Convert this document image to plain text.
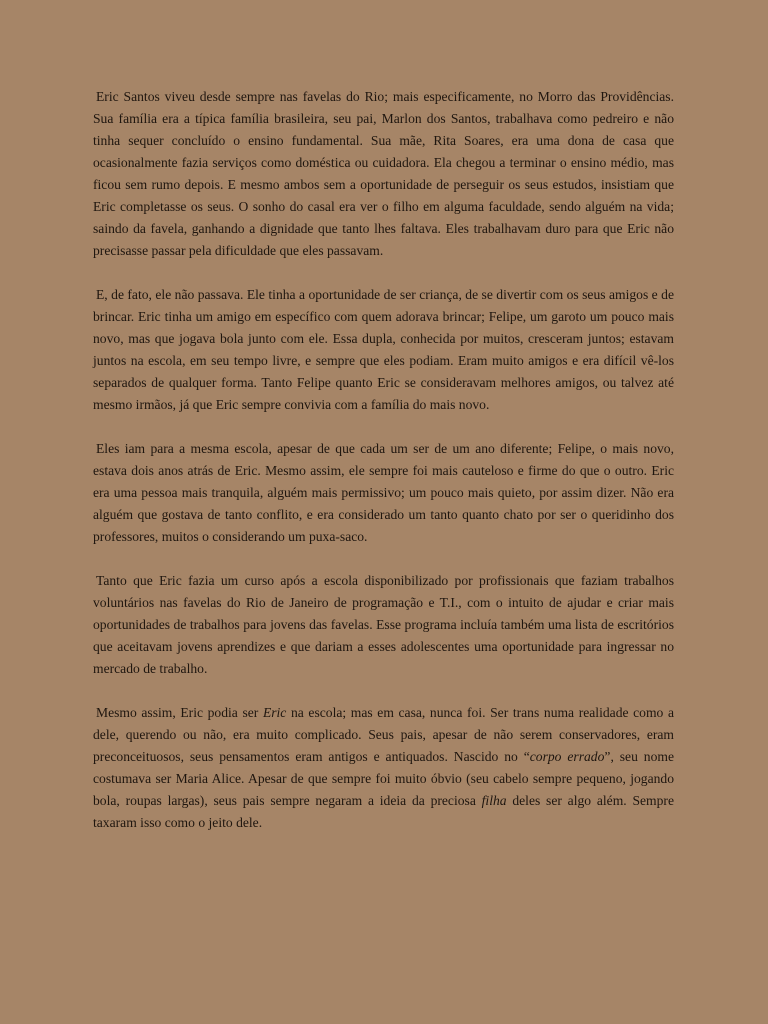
Eric Santos viveu desde sempre nas favelas do Rio; mais especificamente, no Morro das Providências. Sua família era a típica família brasileira, seu pai, Marlon dos Santos, trabalhava como pedreiro e não tinha sequer concluído o ensino fundamental. Sua mãe, Rita Soares, era uma dona de casa que ocasionalmente fazia serviços como doméstica ou cuidadora. Ela chegou a terminar o ensino médio, mas ficou sem rumo depois. E mesmo ambos sem a oportunidade de perseguir os seus estudos, insistiam que Eric completasse os seus. O sonho do casal era ver o filho em alguma faculdade, sendo alguém na vida; saindo da favela, ganhando a dignidade que tanto lhes faltava. Eles trabalhavam duro para que Eric não precisasse passar pela dificuldade que eles passavam.

E, de fato, ele não passava. Ele tinha a oportunidade de ser criança, de se divertir com os seus amigos e de brincar. Eric tinha um amigo em específico com quem adorava brincar; Felipe, um garoto um pouco mais novo, mas que jogava bola junto com ele. Essa dupla, conhecida por muitos, cresceram juntos; estavam juntos na escola, em seu tempo livre, e sempre que eles podiam. Eram muito amigos e era difícil vê-los separados de qualquer forma. Tanto Felipe quanto Eric se consideravam melhores amigos, ou talvez até mesmo irmãos, já que Eric sempre convivia com a família do mais novo.

Eles iam para a mesma escola, apesar de que cada um ser de um ano diferente; Felipe, o mais novo, estava dois anos atrás de Eric. Mesmo assim, ele sempre foi mais cauteloso e firme do que o outro. Eric era uma pessoa mais tranquila, alguém mais permissivo; um pouco mais quieto, por assim dizer. Não era alguém que gostava de tanto conflito, e era considerado um tanto quanto chato por ser o queridinho dos professores, muitos o considerando um puxa-saco.

Tanto que Eric fazia um curso após a escola disponibilizado por profissionais que faziam trabalhos voluntários nas favelas do Rio de Janeiro de programação e T.I., com o intuito de ajudar e criar mais oportunidades de trabalhos para jovens das favelas. Esse programa incluía também uma lista de escritórios que aceitavam jovens aprendizes e que dariam a esses adolescentes uma oportunidade para ingressar no mercado de trabalho.

Mesmo assim, Eric podia ser Eric na escola; mas em casa, nunca foi. Ser trans numa realidade como a dele, querendo ou não, era muito complicado. Seus pais, apesar de não serem conservadores, eram preconceituosos, seus pensamentos eram antigos e antiquados. Nascido no “corpo errado”, seu nome costumava ser Maria Alice. Apesar de que sempre foi muito óbvio (seu cabelo sempre pequeno, jogando bola, roupas largas), seus pais sempre negaram a ideia da preciosa filha deles ser algo além. Sempre taxaram isso como o jeito dele.
